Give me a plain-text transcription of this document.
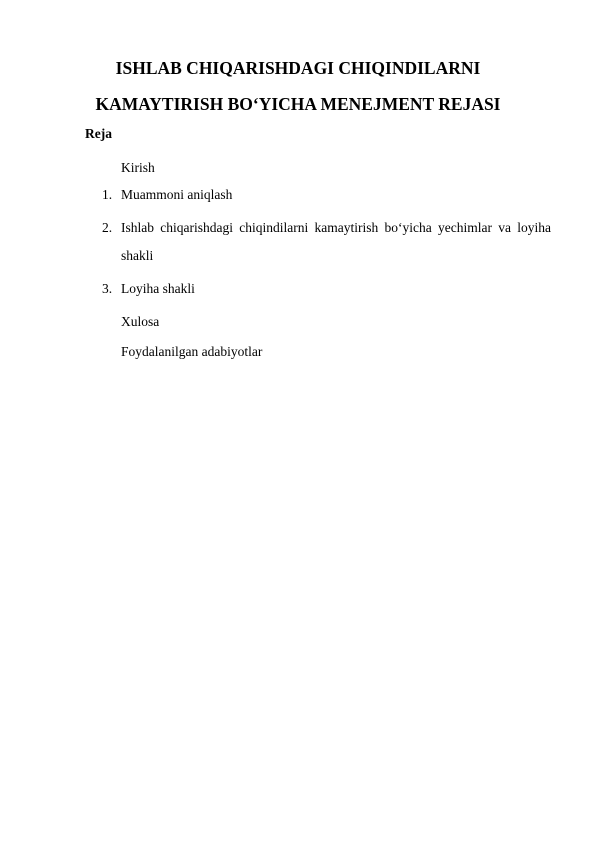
ISHLAB CHIQARISHDAGI CHIQINDILARNI
KAMAYTIRISH BO‘YICHA MENEJMENT REJASI
Reja
Kirish
1. Muammoni aniqlash
2. Ishlab chiqarishdagi chiqindilarni kamaytirish bo‘yicha yechimlar va loyiha
shakli
3. Loyiha shakli
Xulosa
Foydalanilgan adabiyotlar
